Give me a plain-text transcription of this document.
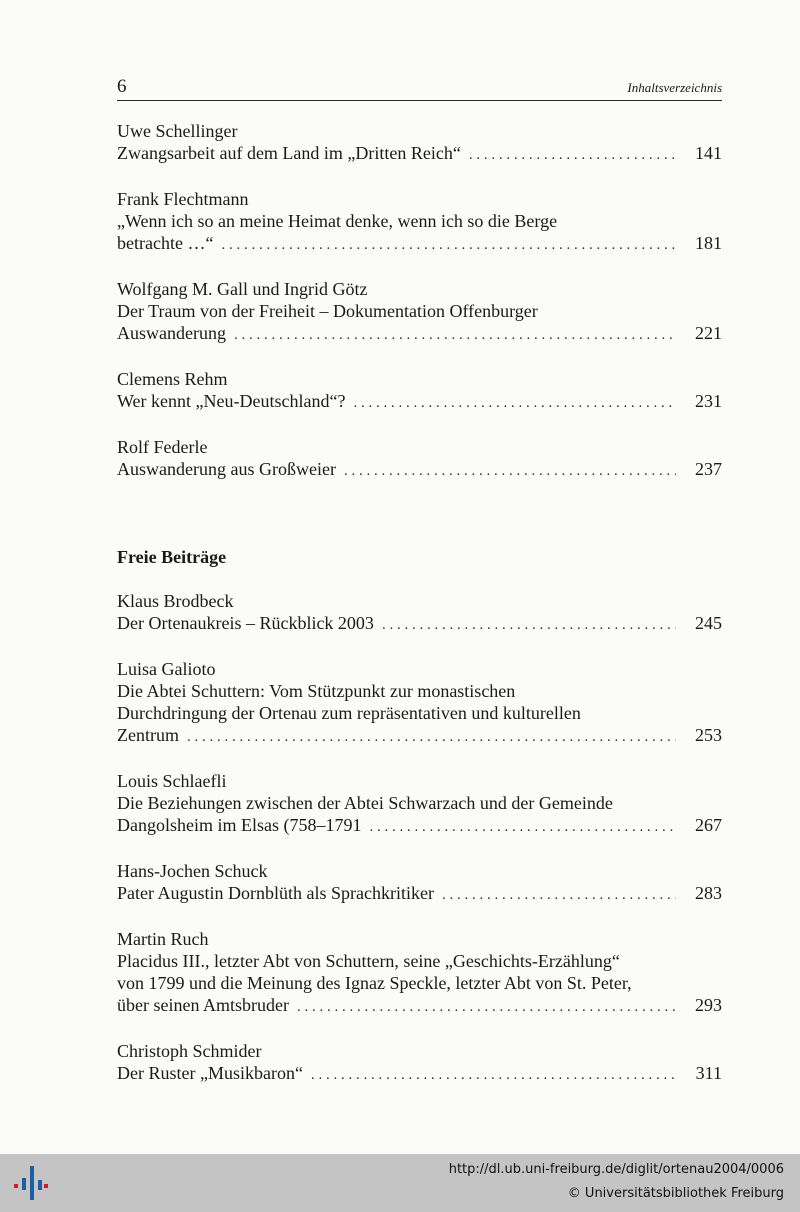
6	Inhaltsverzeichnis
Uwe Schellinger
Zwangsarbeit auf dem Land im „Dritten Reich“ . . .	141
Frank Flechtmann
„Wenn ich so an meine Heimat denke, wenn ich so die Berge
betrachte …“ . . .	181
Wolfgang M. Gall und Ingrid Götz
Der Traum von der Freiheit – Dokumentation Offenburger
Auswanderung . . .	221
Clemens Rehm
Wer kennt „Neu-Deutschland“? . . .	231
Rolf Federle
Auswanderung aus Großweier . . .	237
Freie Beiträge
Klaus Brodbeck
Der Ortenaukreis – Rückblick 2003 . . .	245
Luisa Galioto
Die Abtei Schuttern: Vom Stützpunkt zur monastischen
Durchdringung der Ortenau zum repräsentativen und kulturellen
Zentrum . . .	253
Louis Schlaefli
Die Beziehungen zwischen der Abtei Schwarzach und der Gemeinde
Dangolsheim im Elsas (758–1791 . . .	267
Hans-Jochen Schuck
Pater Augustin Dornblüth als Sprachkritiker . . .	283
Martin Ruch
Placidus III., letzter Abt von Schuttern, seine „Geschichts-Erzählung“
von 1799 und die Meinung des Ignaz Speckle, letzter Abt von St. Peter,
über seinen Amtsbruder . . .	293
Christoph Schmider
Der Ruster „Musikbaron“ . . .	311
http://dl.ub.uni-freiburg.de/diglit/ortenau2004/0006
© Universitätsbibliothek Freiburg
